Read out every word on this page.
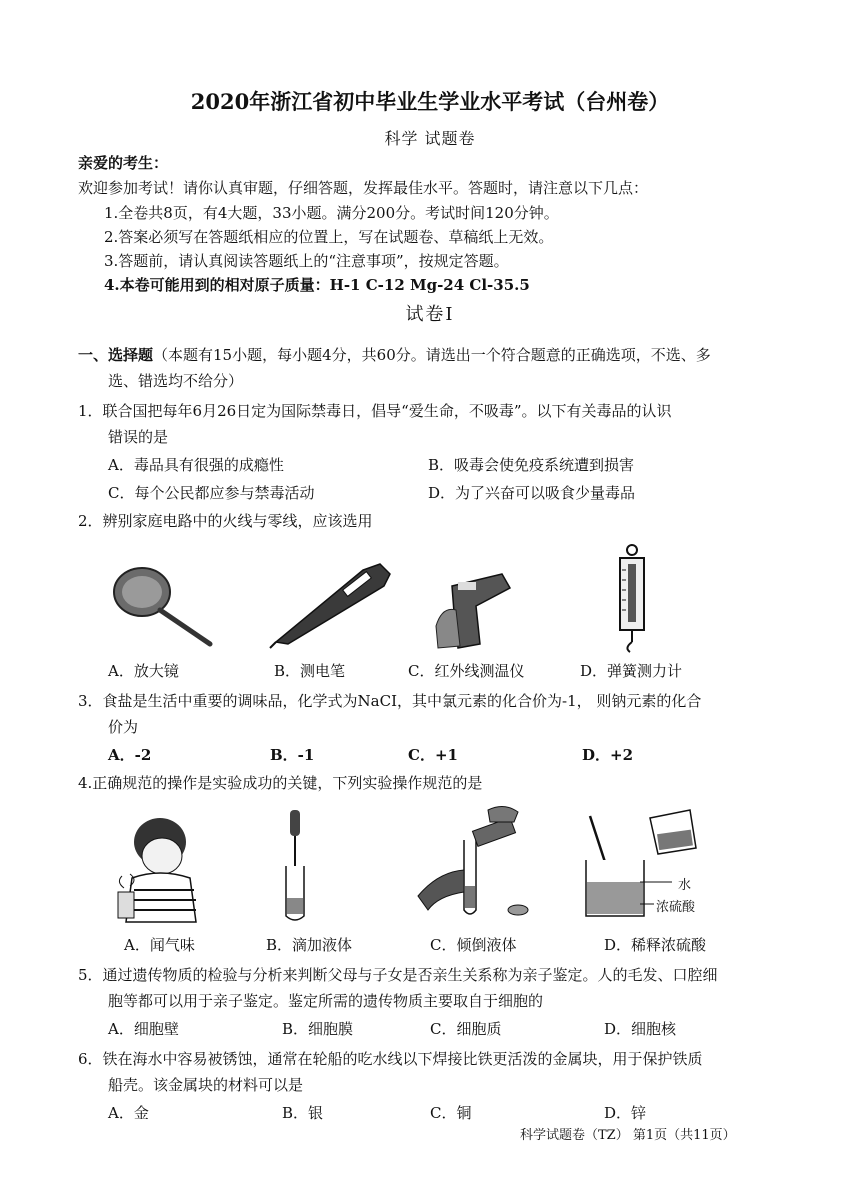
2020年浙江省初中毕业生学业水平考试（台州卷）
科学 试题卷
亲爱的考生：
欢迎参加考试！请你认真审题，仔细答题，发挥最佳水平。答题时，请注意以下几点：
1.全卷共8页，有4大题，33小题。满分200分。考试时间120分钟。
2.答案必须写在答题纸相应的位置上，写在试题卷、草稿纸上无效。
3.答题前，请认真阅读答题纸上的“注意事项”，按规定答题。
4.本卷可能用到的相对原子质量：H-1 C-12 Mg-24 Cl-35.5
试卷Ⅰ
一、选择题（本题有15小题，每小题4分，共60分。请选出一个符合题意的正确选项，不选、多
选、错选均不给分）
1．联合国把每年6月26日定为国际禁毒日，倡导“爱生命，不吸毒”。以下有关毒品的认识
错误的是
A．毒品具有很强的成瘾性	B．吸毒会使免疫系统遭到损害
C．每个公民都应参与禁毒活动	D．为了兴奋可以吸食少量毒品
2．辨别家庭电路中的火线与零线，应该选用
A．放大镜	B．测电笔	C．红外线测温仪	D．弹簧测力计
3．食盐是生活中重要的调味品，化学式为NaCI，其中氯元素的化合价为-1， 则钠元素的化合
价为
A．-2	B．-1	C．+1	D．+2
4.正确规范的操作是实验成功的关键，下列实验操作规范的是
水
浓硫酸
A．闻气味	B．滴加液体	C．倾倒液体	D．稀释浓硫酸
5．通过遗传物质的检验与分析来判断父母与子女是否亲生关系称为亲子鉴定。人的毛发、口腔细
胞等都可以用于亲子鉴定。鉴定所需的遗传物质主要取自于细胞的
A．细胞壁	B．细胞膜	C．细胞质	D．细胞核
6．铁在海水中容易被锈蚀，通常在轮船的吃水线以下焊接比铁更活泼的金属块，用于保护铁质
船壳。该金属块的材料可以是
A．金	B．银	C．铜	D．锌
科学试题卷（TZ） 第1页（共11页）
